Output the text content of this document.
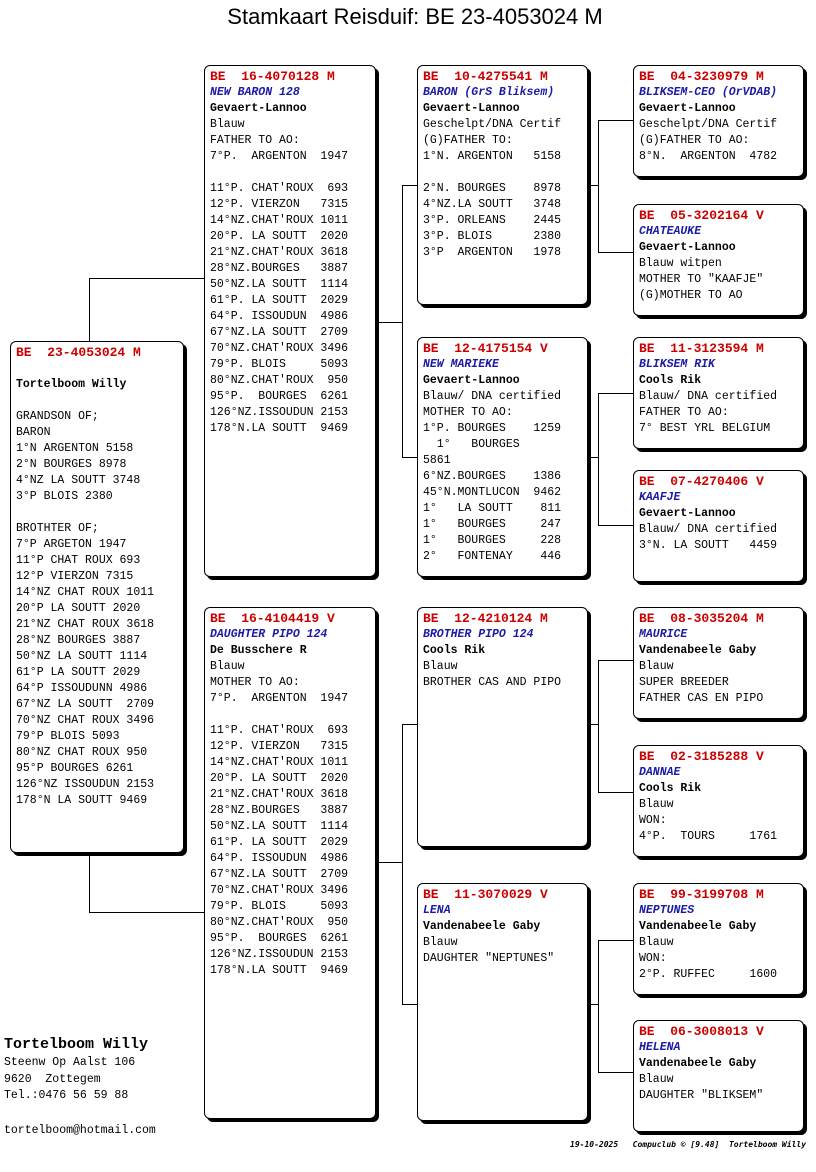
Stamkaart Reisduif: BE 23-4053024 M
BE  23-4053024 M
Tortelboom Willy
GRANDSON OF;
BARON
1°N ARGENTON 5158
2°N BOURGES 8978
4°NZ LA SOUTT 3748
3°P BLOIS 2380
BROTHTER OF;
7°P ARGETON 1947
11°P CHAT ROUX 693
12°P VIERZON 7315
14°NZ CHAT ROUX 1011
20°P LA SOUTT 2020
21°NZ CHAT ROUX 3618
28°NZ BOURGES 3887
50°NZ LA SOUTT 1114
61°P LA SOUTT 2029
64°P ISSOUDUNN 4986
67°NZ LA SOUTT  2709
70°NZ CHAT ROUX 3496
79°P BLOIS 5093
80°NZ CHAT ROUX 950
95°P BOURGES 6261
126°NZ ISSOUDUN 2153
178°N LA SOUTT 9469
BE  16-4070128 M
NEW BARON 128
Gevaert-Lannoo
Blauw
FATHER TO AO:
7°P.  ARGENTON  1947
11°P. CHAT'ROUX  693
12°P. VIERZON   7315
14°NZ.CHAT'ROUX 1011
20°P. LA SOUTT  2020
21°NZ.CHAT'ROUX 3618
28°NZ.BOURGES   3887
50°NZ.LA SOUTT  1114
61°P. LA SOUTT  2029
64°P. ISSOUDUN  4986
67°NZ.LA SOUTT  2709
70°NZ.CHAT'ROUX 3496
79°P. BLOIS     5093
80°NZ.CHAT'ROUX  950
95°P.  BOURGES  6261
126°NZ.ISSOUDUN 2153
178°N.LA SOUTT  9469
BE  16-4104419 V
DAUGHTER PIPO 124
De Busschere R
Blauw
MOTHER TO AO:
7°P.  ARGENTON  1947
11°P. CHAT'ROUX  693
12°P. VIERZON   7315
14°NZ.CHAT'ROUX 1011
20°P. LA SOUTT  2020
21°NZ.CHAT'ROUX 3618
28°NZ.BOURGES   3887
50°NZ.LA SOUTT  1114
61°P. LA SOUTT  2029
64°P. ISSOUDUN  4986
67°NZ.LA SOUTT  2709
70°NZ.CHAT'ROUX 3496
79°P. BLOIS     5093
80°NZ.CHAT'ROUX  950
95°P.  BOURGES  6261
126°NZ.ISSOUDUN 2153
178°N.LA SOUTT  9469
BE  10-4275541 M
BARON (GrS Bliksem)
Gevaert-Lannoo
Geschelpt/DNA Certif
(G)FATHER TO:
1°N. ARGENTON   5158
2°N. BOURGES    8978
4°NZ.LA SOUTT   3748
3°P. ORLEANS    2445
3°P. BLOIS      2380
3°P  ARGENTON   1978
BE  12-4175154 V
NEW MARIEKE
Gevaert-Lannoo
Blauw/ DNA certified
MOTHER TO AO:
1°P. BOURGES    1259
1°   BOURGES
5861
6°NZ.BOURGES    1386
45°N.MONTLUCON  9462
1°   LA SOUTT    811
1°   BOURGES     247
1°   BOURGES     228
2°   FONTENAY    446
BE  12-4210124 M
BROTHER PIPO 124
Cools Rik
Blauw
BROTHER CAS AND PIPO
BE  11-3070029 V
LENA
Vandenabeele Gaby
Blauw
DAUGHTER "NEPTUNES"
BE  04-3230979 M
BLIKSEM-CEO (OrVDAB)
Gevaert-Lannoo
Geschelpt/DNA Certif
(G)FATHER TO AO:
8°N.  ARGENTON  4782
BE  05-3202164 V
CHATEAUKE
Gevaert-Lannoo
Blauw witpen
MOTHER TO "KAAFJE"
(G)MOTHER TO AO
BE  11-3123594 M
BLIKSEM RIK
Cools Rik
Blauw/ DNA certified
FATHER TO AO:
7° BEST YRL BELGIUM
BE  07-4270406 V
KAAFJE
Gevaert-Lannoo
Blauw/ DNA certified
3°N. LA SOUTT   4459
BE  08-3035204 M
MAURICE
Vandenabeele Gaby
Blauw
SUPER BREEDER
FATHER CAS EN PIPO
BE  02-3185288 V
DANNAE
Cools Rik
Blauw
WON:
4°P.  TOURS     1761
BE  99-3199708 M
NEPTUNES
Vandenabeele Gaby
Blauw
WON:
2°P. RUFFEC     1600
BE  06-3008013 V
HELENA
Vandenabeele Gaby
Blauw
DAUGHTER "BLIKSEM"
Tortelboom Willy
Steenw Op Aalst 106
9620  Zottegem
Tel.:0476 56 59 88
tortelboom@hotmail.com
19-10-2025 Compuclub © [9.48]  Tortelboom Willy
